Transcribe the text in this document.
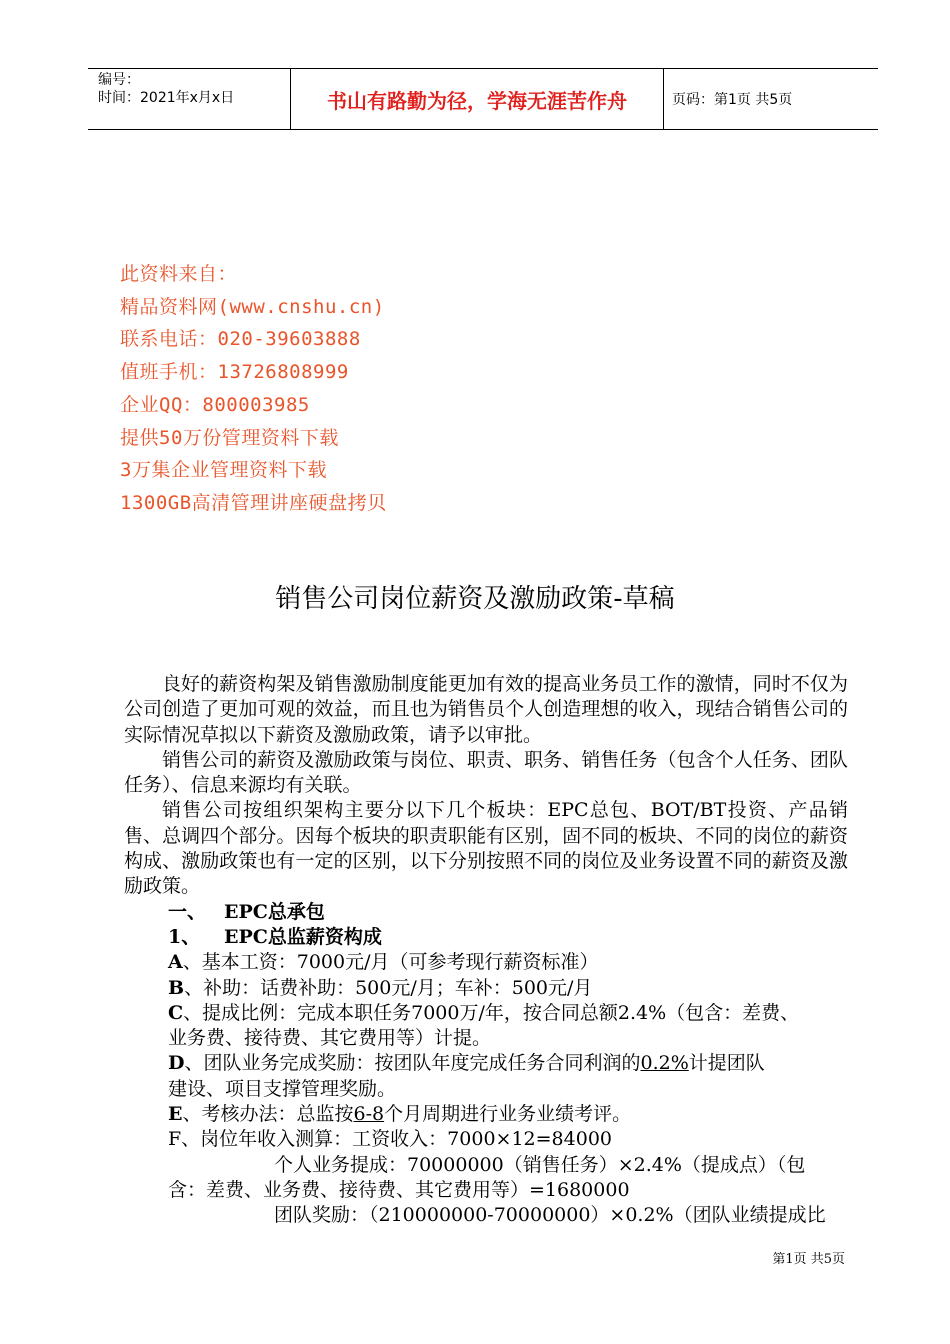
编号：
时间：2021年x月x日	书山有路勤为径，学海无涯苦作舟	页码：第1页 共5页
此资料来自：
精品资料网(www.cnshu.cn)
联系电话：020-39603888
值班手机：13726808999
企业QQ：800003985
提供50万份管理资料下载
3万集企业管理资料下载
1300GB高清管理讲座硬盘拷贝
销售公司岗位薪资及激励政策-草稿

良好的薪资构架及销售激励制度能更加有效的提高业务员工作的激情，同时不仅为公司创造了更加可观的效益，而且也为销售员个人创造理想的收入，现结合销售公司的实际情况草拟以下薪资及激励政策，请予以审批。

销售公司的薪资及激励政策与岗位、职责、职务、销售任务（包含个人任务、团队任务）、信息来源均有关联。

销售公司按组织架构主要分以下几个板块：EPC总包、BOT/BT投资、产品销售、总调四个部分。因每个板块的职责职能有区别，固不同的板块、不同的岗位的薪资构成、激励政策也有一定的区别，以下分别按照不同的岗位及业务设置不同的薪资及激励政策。

一、 EPC总承包
1、 EPC总监薪资构成
A、基本工资：7000元/月（可参考现行薪资标准）
B、补助：话费补助：500元/月；车补：500元/月
C、提成比例：完成本职任务7000万/年，按合同总额2.4%（包含：差费、
业务费、接待费、其它费用等）计提。
D、团队业务完成奖励：按团队年度完成任务合同利润的0.2%计提团队
建设、项目支撑管理奖励。
E、考核办法：总监按6-8个月周期进行业务业绩考评。
F、岗位年收入测算：工资收入：7000×12=84000
个人业务提成：70000000（销售任务）×2.4%（提成点）（包
含：差费、业务费、接待费、其它费用等）=1680000
团队奖励：（210000000-70000000）×0.2%（团队业绩提成比
第1页 共5页
